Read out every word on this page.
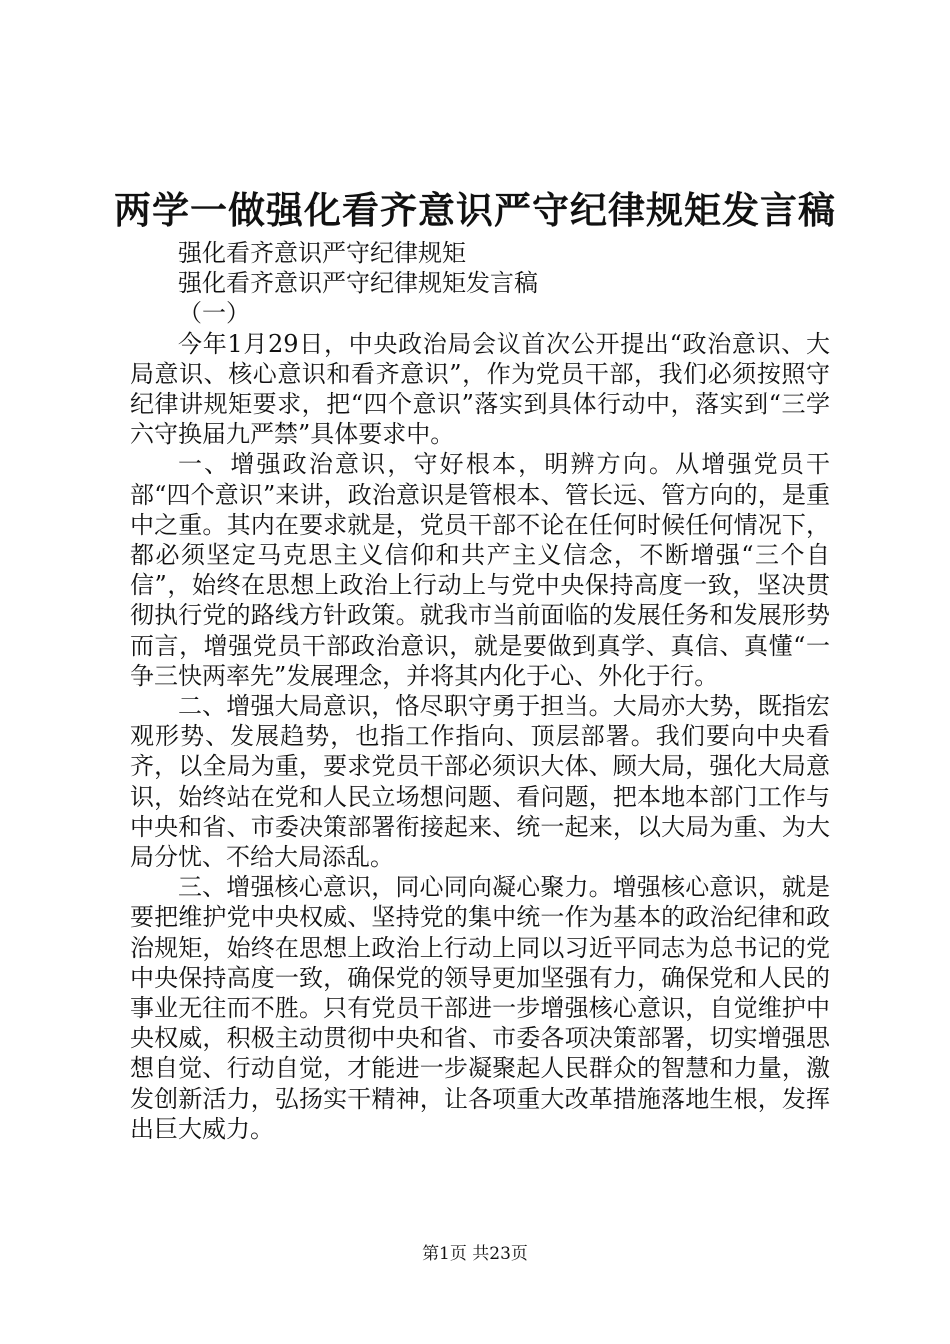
两学一做强化看齐意识严守纪律规矩发言稿
强化看齐意识严守纪律规矩
强化看齐意识严守纪律规矩发言稿
（一）
今年1月29日，中央政治局会议首次公开提出“政治意识、大局意识、核心意识和看齐意识”，作为党员干部，我们必须按照守纪律讲规矩要求，把“四个意识”落实到具体行动中，落实到“三学六守换届九严禁”具体要求中。
一、增强政治意识，守好根本，明辨方向。从增强党员干部“四个意识”来讲，政治意识是管根本、管长远、管方向的，是重中之重。其内在要求就是，党员干部不论在任何时候任何情况下，都必须坚定马克思主义信仰和共产主义信念，不断增强“三个自信”，始终在思想上政治上行动上与党中央保持高度一致，坚决贯彻执行党的路线方针政策。就我市当前面临的发展任务和发展形势而言，增强党员干部政治意识，就是要做到真学、真信、真懂“一争三快两率先”发展理念，并将其内化于心、外化于行。
二、增强大局意识，恪尽职守勇于担当。大局亦大势，既指宏观形势、发展趋势，也指工作指向、顶层部署。我们要向中央看齐，以全局为重，要求党员干部必须识大体、顾大局，强化大局意识，始终站在党和人民立场想问题、看问题，把本地本部门工作与中央和省、市委决策部署衔接起来、统一起来，以大局为重、为大局分忧、不给大局添乱。
三、增强核心意识，同心同向凝心聚力。增强核心意识，就是要把维护党中央权威、坚持党的集中统一作为基本的政治纪律和政治规矩，始终在思想上政治上行动上同以习近平同志为总书记的党中央保持高度一致，确保党的领导更加坚强有力，确保党和人民的事业无往而不胜。只有党员干部进一步增强核心意识，自觉维护中央权威，积极主动贯彻中央和省、市委各项决策部署，切实增强思想自觉、行动自觉，才能进一步凝聚起人民群众的智慧和力量，激发创新活力，弘扬实干精神，让各项重大改革措施落地生根，发挥出巨大威力。
第1页 共23页
